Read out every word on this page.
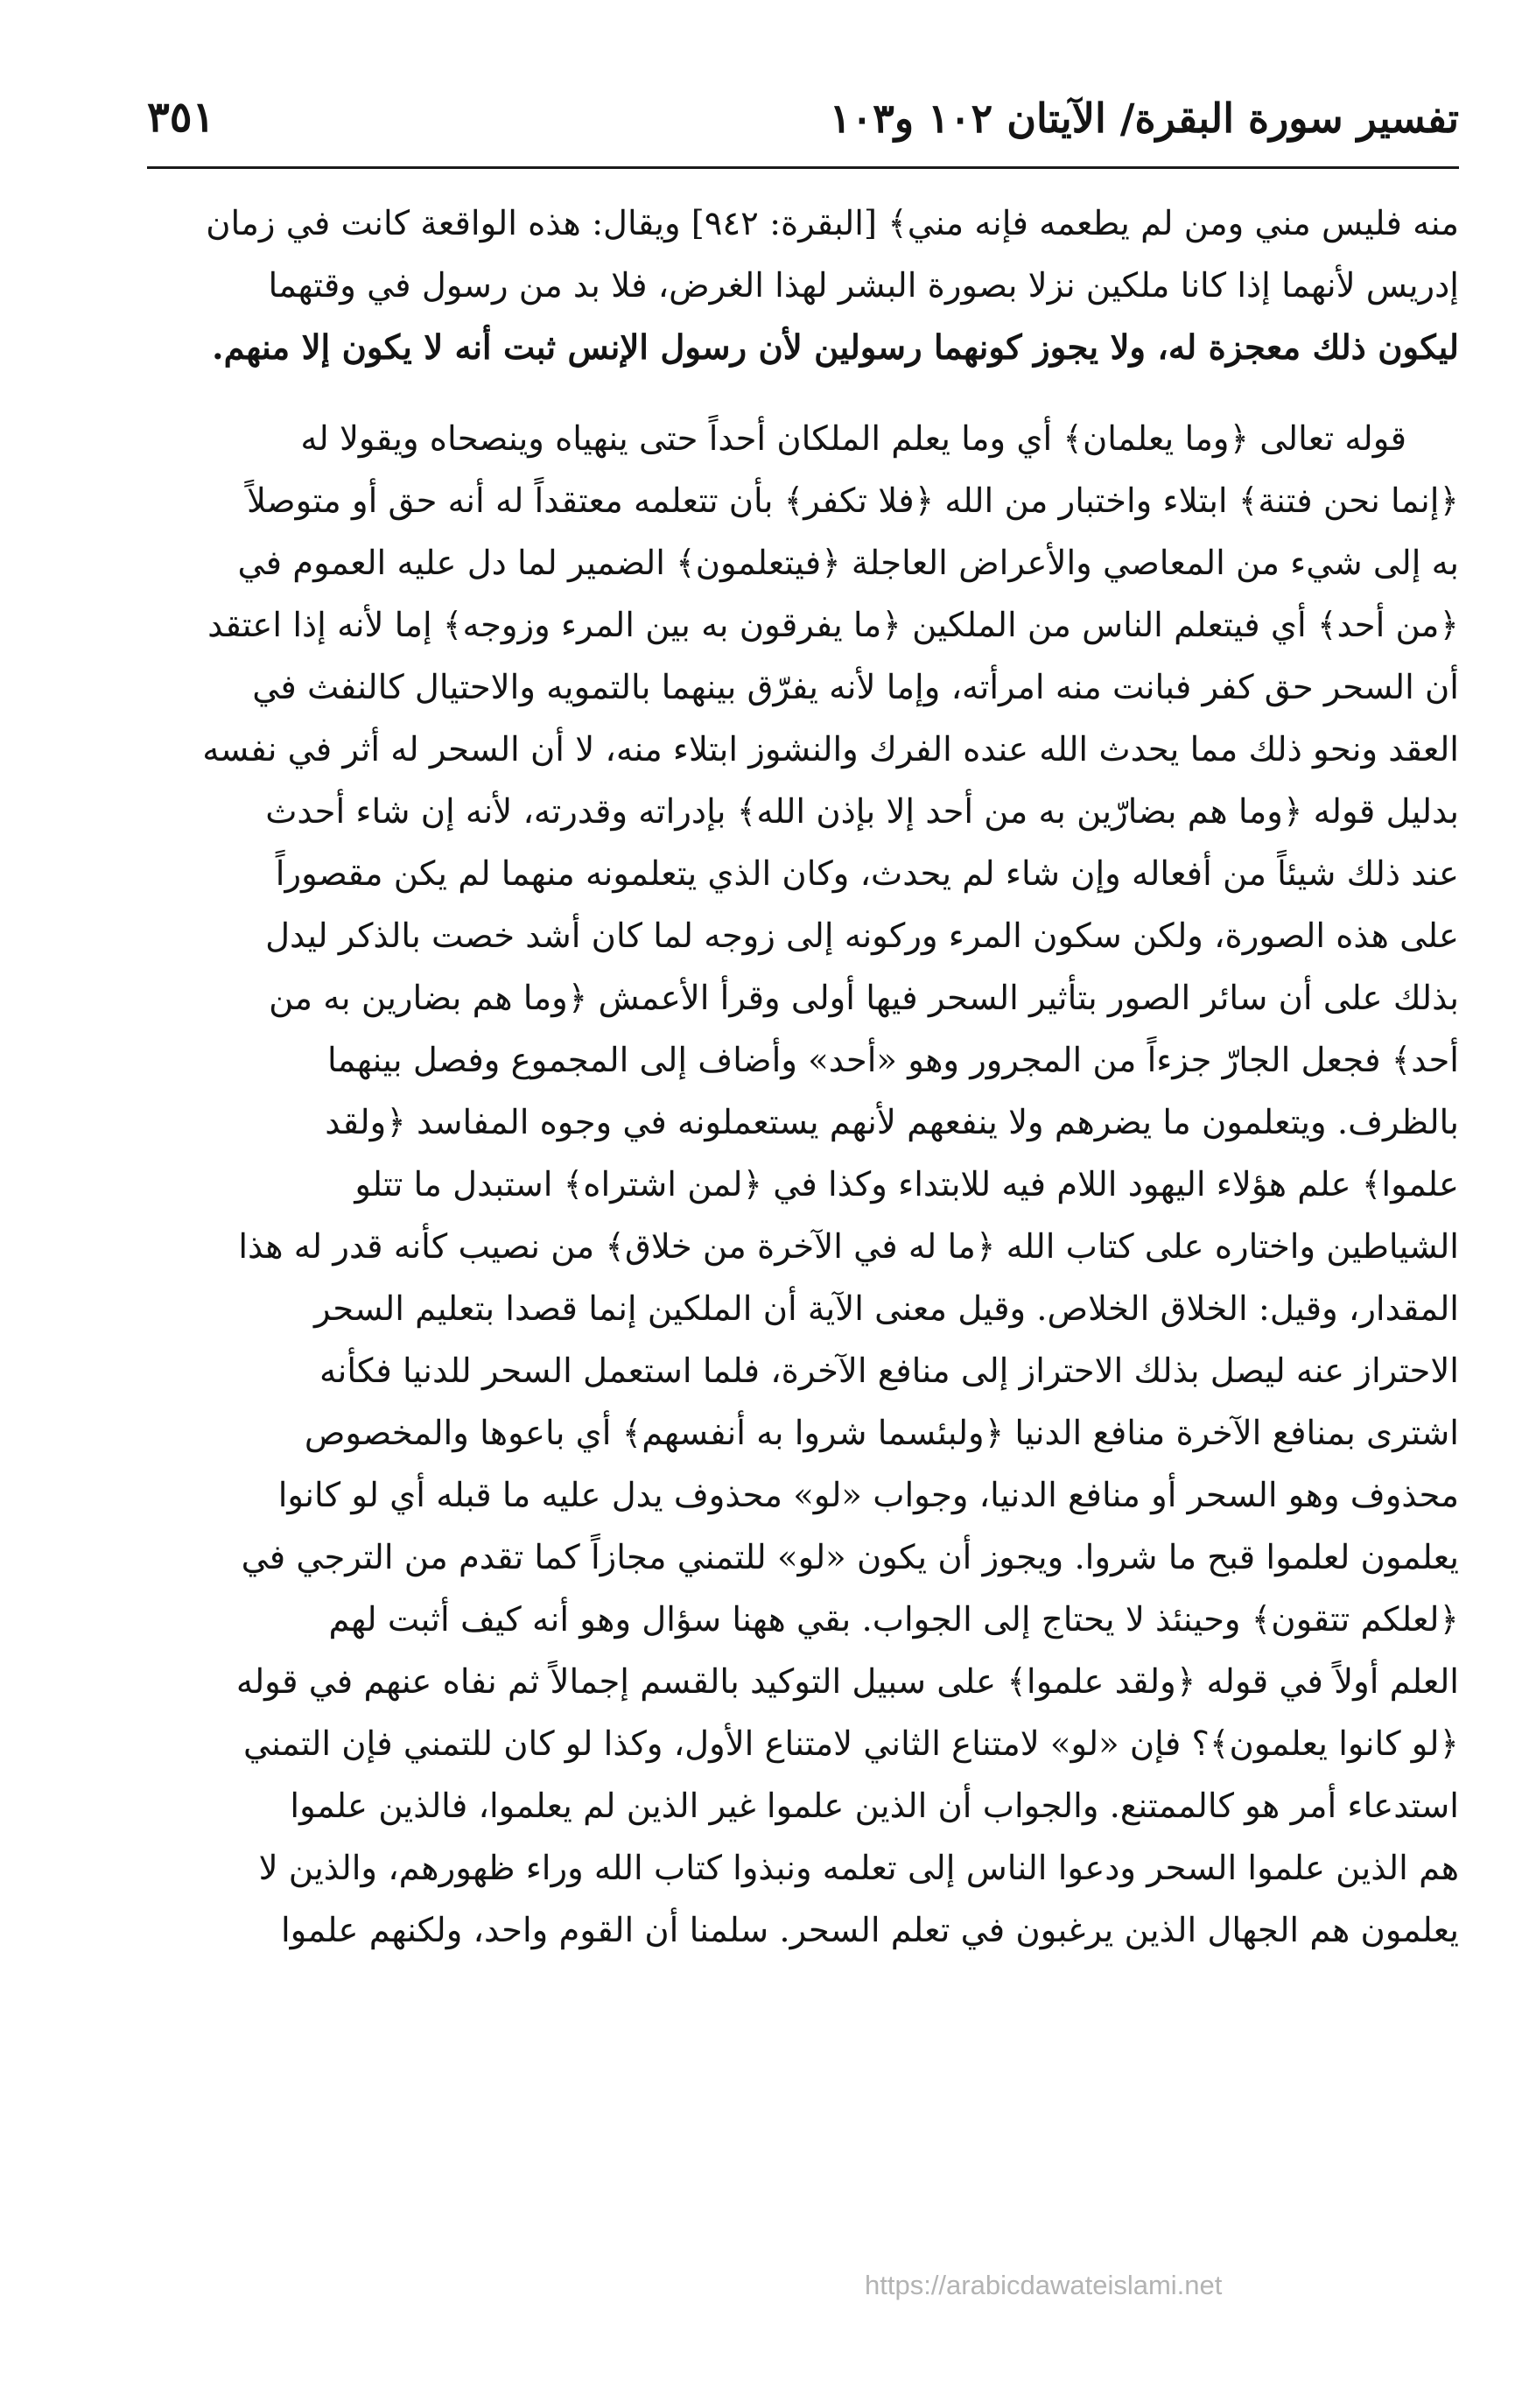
تفسير سورة البقرة/ الآيتان ١٠٢ و١٠٣
٣٥١

منه فليس مني ومن لم يطعمه فإنه مني﴾ [البقرة: ٩٤٢] ويقال: هذه الواقعة كانت في زمان
إدريس لأنهما إذا كانا ملكين نزلا بصورة البشر لهذا الغرض، فلا بد من رسول في وقتهما
ليكون ذلك معجزة له، ولا يجوز كونهما رسولين لأن رسول الإنس ثبت أنه لا يكون إلا منهم.

قوله تعالى ﴿وما يعلمان﴾ أي وما يعلم الملكان أحداً حتى ينهياه وينصحاه ويقولا له
﴿إنما نحن فتنة﴾ ابتلاء واختبار من الله ﴿فلا تكفر﴾ بأن تتعلمه معتقداً له أنه حق أو متوصلاً
به إلى شيء من المعاصي والأعراض العاجلة ﴿فيتعلمون﴾ الضمير لما دل عليه العموم في
﴿من أحد﴾ أي فيتعلم الناس من الملكين ﴿ما يفرقون به بين المرء وزوجه﴾ إما لأنه إذا اعتقد
أن السحر حق كفر فبانت منه امرأته، وإما لأنه يفرّق بينهما بالتمويه والاحتيال كالنفث في
العقد ونحو ذلك مما يحدث الله عنده الفرك والنشوز ابتلاء منه، لا أن السحر له أثر في نفسه
بدليل قوله ﴿وما هم بضارّين به من أحد إلا بإذن الله﴾ بإدراته وقدرته، لأنه إن شاء أحدث
عند ذلك شيئاً من أفعاله وإن شاء لم يحدث، وكان الذي يتعلمونه منهما لم يكن مقصوراً
على هذه الصورة، ولكن سكون المرء وركونه إلى زوجه لما كان أشد خصت بالذكر ليدل
بذلك على أن سائر الصور بتأثير السحر فيها أولى وقرأ الأعمش ﴿وما هم بضارين به من
أحد﴾ فجعل الجارّ جزءاً من المجرور وهو «أحد» وأضاف إلى المجموع وفصل بينهما
بالظرف. ويتعلمون ما يضرهم ولا ينفعهم لأنهم يستعملونه في وجوه المفاسد ﴿ولقد
علموا﴾ علم هؤلاء اليهود اللام فيه للابتداء وكذا في ﴿لمن اشتراه﴾ استبدل ما تتلو
الشياطين واختاره على كتاب الله ﴿ما له في الآخرة من خلاق﴾ من نصيب كأنه قدر له هذا
المقدار، وقيل: الخلاق الخلاص. وقيل معنى الآية أن الملكين إنما قصدا بتعليم السحر
الاحتراز عنه ليصل بذلك الاحتراز إلى منافع الآخرة، فلما استعمل السحر للدنيا فكأنه
اشترى بمنافع الآخرة منافع الدنيا ﴿ولبئسما شروا به أنفسهم﴾ أي باعوها والمخصوص
محذوف وهو السحر أو منافع الدنيا، وجواب «لو» محذوف يدل عليه ما قبله أي لو كانوا
يعلمون لعلموا قبح ما شروا. ويجوز أن يكون «لو» للتمني مجازاً كما تقدم من الترجي في
﴿لعلكم تتقون﴾ وحينئذ لا يحتاج إلى الجواب. بقي ههنا سؤال وهو أنه كيف أثبت لهم
العلم أولاً في قوله ﴿ولقد علموا﴾ على سبيل التوكيد بالقسم إجمالاً ثم نفاه عنهم في قوله
﴿لو كانوا يعلمون﴾؟ فإن «لو» لامتناع الثاني لامتناع الأول، وكذا لو كان للتمني فإن التمني
استدعاء أمر هو كالممتنع. والجواب أن الذين علموا غير الذين لم يعلموا، فالذين علموا
هم الذين علموا السحر ودعوا الناس إلى تعلمه ونبذوا كتاب الله وراء ظهورهم، والذين لا
يعلمون هم الجهال الذين يرغبون في تعلم السحر. سلمنا أن القوم واحد، ولكنهم علموا

https://arabicdawateislami.net
